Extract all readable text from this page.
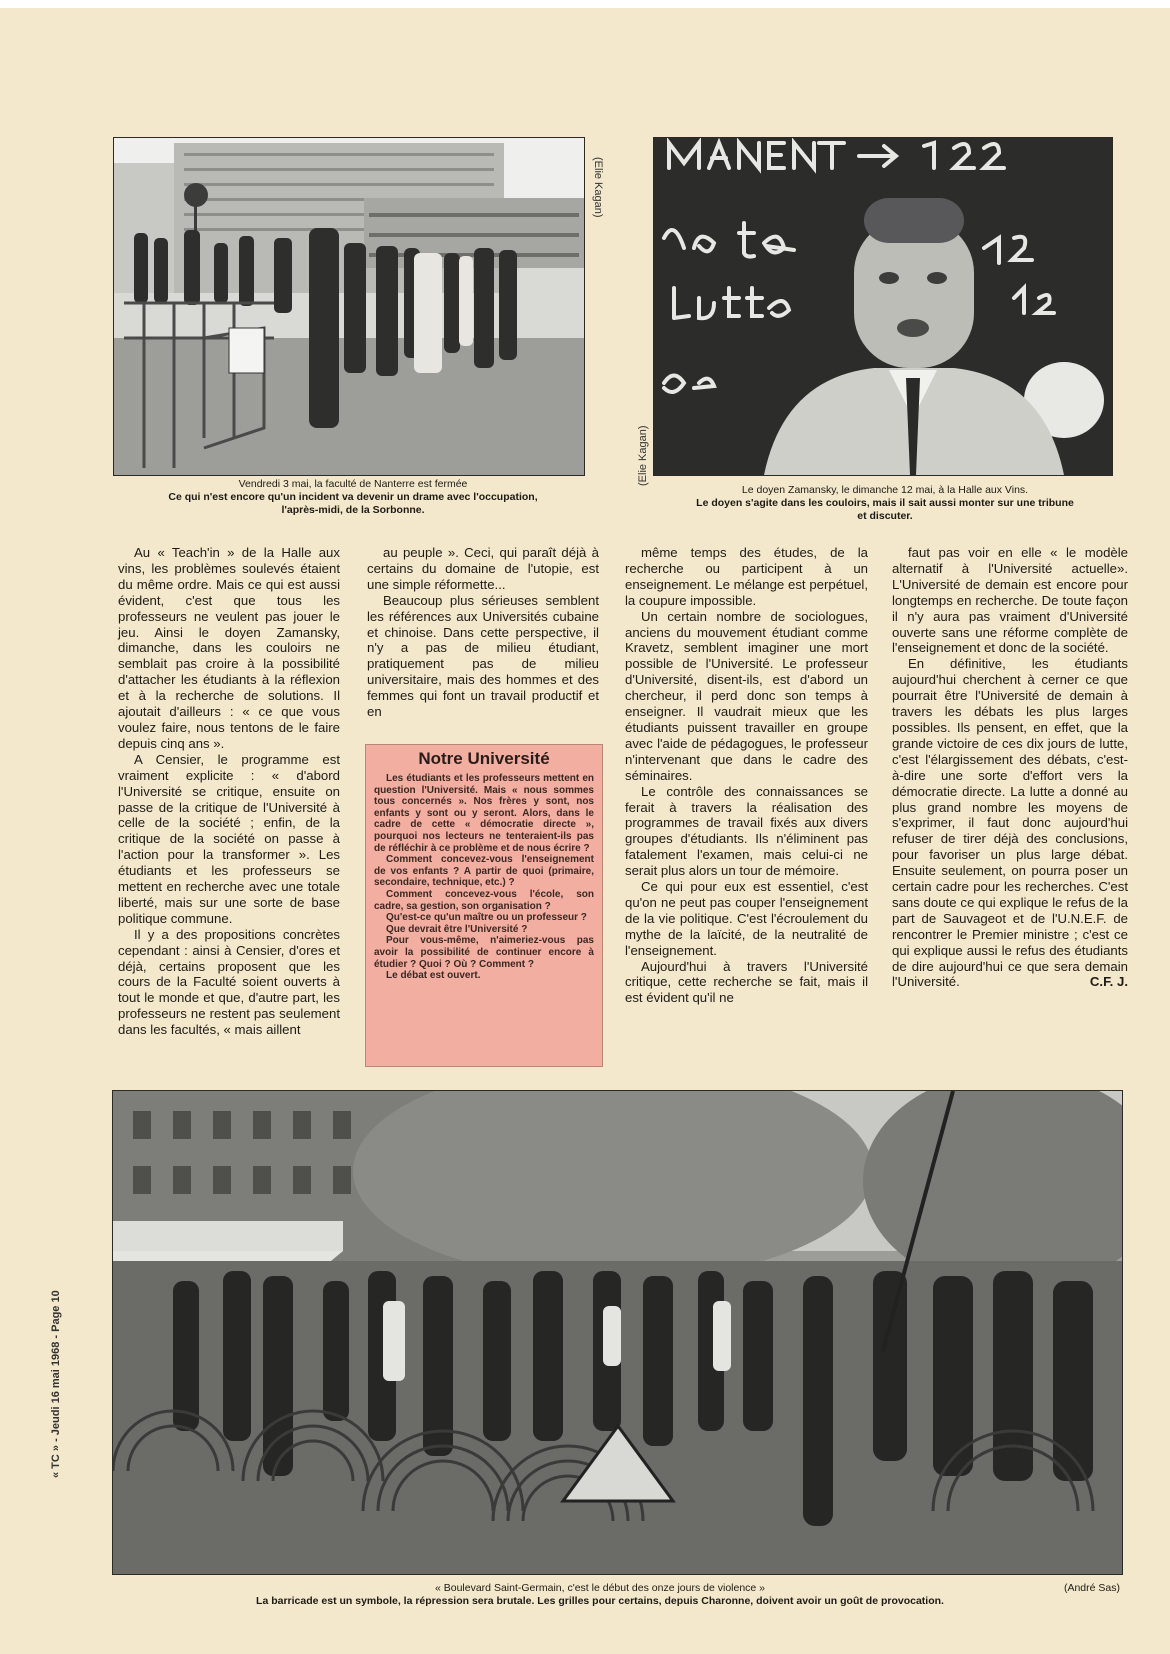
(Elie Kagan)
Vendredi 3 mai, la faculté de Nanterre est fermée
Ce qui n'est encore qu'un incident va devenir un drame avec l'occupation,
l'après-midi, de la Sorbonne.
(Elie Kagan)
Le doyen Zamansky, le dimanche 12 mai, à la Halle aux Vins.
Le doyen s'agite dans les couloirs, mais il sait aussi monter sur une tribune
et discuter.

Au « Teach'in » de la Halle aux vins, les problèmes soulevés étaient du même ordre. Mais ce qui est aussi évident, c'est que tous les professeurs ne veulent pas jouer le jeu. Ainsi le doyen Zamansky, dimanche, dans les couloirs ne semblait pas croire à la possibilité d'attacher les étudiants à la réflexion et à la recherche de solutions. Il ajoutait d'ailleurs : « ce que vous voulez faire, nous tentons de le faire depuis cinq ans ».

A Censier, le programme est vraiment explicite : « d'abord l'Université se critique, ensuite on passe de la critique de l'Université à celle de la société ; enfin, de la critique de la société on passe à l'action pour la transformer ». Les étudiants et les professeurs se mettent en recherche avec une totale liberté, mais sur une sorte de base politique commune.

Il y a des propositions concrètes cependant : ainsi à Censier, d'ores et déjà, certains proposent que les cours de la Faculté soient ouverts à tout le monde et que, d'autre part, les professeurs ne restent pas seulement dans les facultés, « mais aillent

au peuple ». Ceci, qui paraît déjà à certains du domaine de l'utopie, est une simple réformette...

Beaucoup plus sérieuses semblent les références aux Universités cubaine et chinoise. Dans cette perspective, il n'y a pas de milieu étudiant, pratiquement pas de milieu universitaire, mais des hommes et des femmes qui font un travail productif et en

Notre Université

Les étudiants et les professeurs mettent en question l'Université. Mais « nous sommes tous concernés ». Nos frères y sont, nos enfants y sont ou y seront. Alors, dans le cadre de cette « démocratie directe », pourquoi nos lecteurs ne tenteraient-ils pas de réfléchir à ce problème et de nous écrire ?

Comment concevez-vous l'enseignement de vos enfants ? A partir de quoi (primaire, secondaire, technique, etc.) ?

Comment concevez-vous l'école, son cadre, sa gestion, son organisation ?

Qu'est-ce qu'un maître ou un professeur ?

Que devrait être l'Université ?

Pour vous-même, n'aimeriez-vous pas avoir la possibilité de continuer encore à étudier ? Quoi ? Où ? Comment ?

Le débat est ouvert.

même temps des études, de la recherche ou participent à un enseignement. Le mélange est perpétuel, la coupure impossible.

Un certain nombre de sociologues, anciens du mouvement étudiant comme Kravetz, semblent imaginer une mort possible de l'Université. Le professeur d'Université, disent-ils, est d'abord un chercheur, il perd donc son temps à enseigner. Il vaudrait mieux que les étudiants puissent travailler en groupe avec l'aide de pédagogues, le professeur n'intervenant que dans le cadre des séminaires.

Le contrôle des connaissances se ferait à travers la réalisation des programmes de travail fixés aux divers groupes d'étudiants. Ils n'éliminent pas fatalement l'examen, mais celui-ci ne serait plus alors un tour de mémoire.

Ce qui pour eux est essentiel, c'est qu'on ne peut pas couper l'enseignement de la vie politique. C'est l'écroulement du mythe de la laïcité, de la neutralité de l'enseignement.

Aujourd'hui à travers l'Université critique, cette recherche se fait, mais il est évident qu'il ne

faut pas voir en elle « le modèle alternatif à l'Université actuelle». L'Université de demain est encore pour longtemps en recherche. De toute façon il n'y aura pas vraiment d'Université ouverte sans une réforme complète de l'enseignement et donc de la société.

En définitive, les étudiants aujourd'hui cherchent à cerner ce que pourrait être l'Université de demain à travers les débats les plus larges possibles. Ils pensent, en effet, que la grande victoire de ces dix jours de lutte, c'est l'élargissement des débats, c'est-à-dire une sorte d'effort vers la démocratie directe. La lutte a donné au plus grand nombre les moyens de s'exprimer, il faut donc aujourd'hui refuser de tirer déjà des conclusions, pour favoriser un plus large débat. Ensuite seulement, on pourra poser un certain cadre pour les recherches. C'est sans doute ce qui explique le refus de la part de Sauvageot et de l'U.N.E.F. de rencontrer le Premier ministre ; c'est ce qui explique aussi le refus des étudiants de dire aujourd'hui ce que sera demain l'Université.	C.F. J.
« Boulevard Saint-Germain, c'est le début des onze jours de violence »
La barricade est un symbole, la répression sera brutale. Les grilles pour certains, depuis Charonne, doivent avoir un goût de provocation.
(André Sas)
« TC » - Jeudi 16 mai 1968 - Page 10
